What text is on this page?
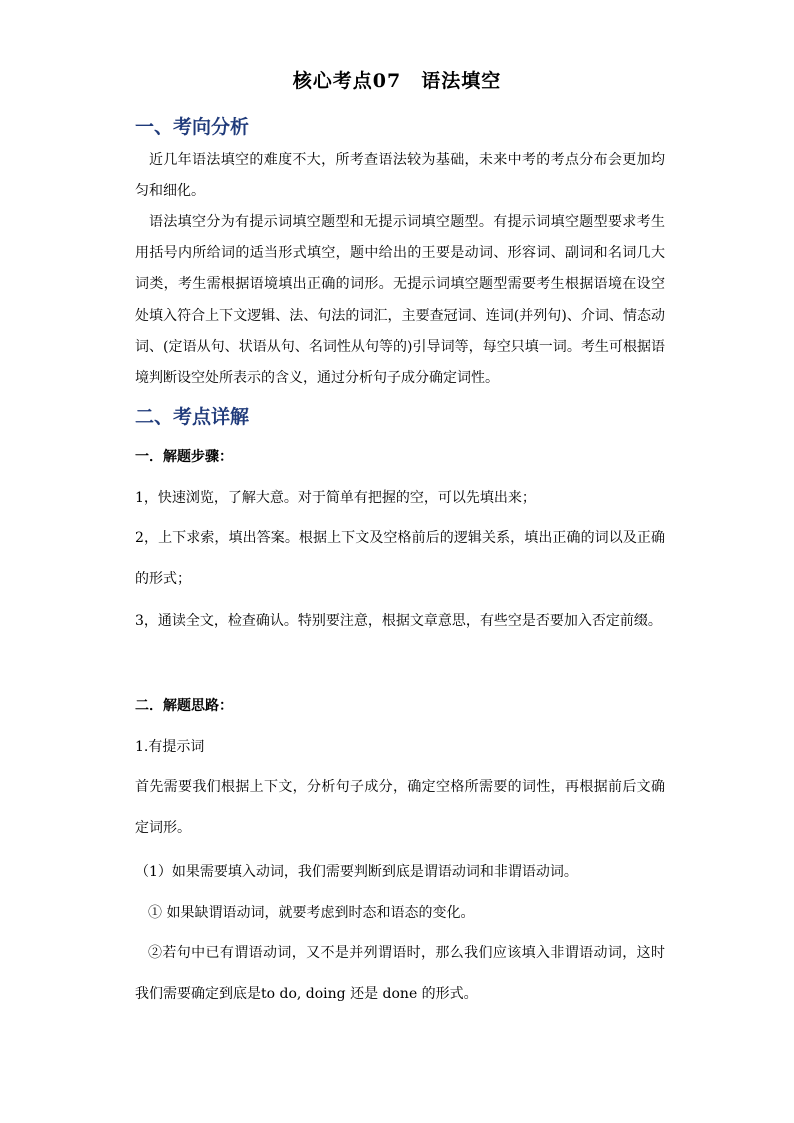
核心考点07　语法填空
一、考向分析

近几年语法填空的难度不大，所考查语法较为基础，未来中考的考点分布会更加均匀和细化。

语法填空分为有提示词填空题型和无提示词填空题型。有提示词填空题型要求考生用括号内所给词的适当形式填空，题中给出的王要是动词、形容词、副词和名词几大词类，考生需根据语境填出正确的词形。无提示词填空题型需要考生根据语境在设空处填入符合上下文逻辑、法、句法的词汇，主要查冠词、连词(并列句)、介词、情态动词、(定语从句、状语从句、名词性从句等的)引导词等，每空只填一词。考生可根据语境判断设空处所表示的含义，通过分析句子成分确定词性。

二、考点详解
一．解题步骤：
1，快速浏览，了解大意。对于简单有把握的空，可以先填出来；
2，上下求索，填出答案。根据上下文及空格前后的逻辑关系，填出正确的词以及正确的形式；
3，通读全文，检查确认。特别要注意，根据文章意思，有些空是否要加入否定前缀。
二．解题思路：
1.有提示词
首先需要我们根据上下文，分析句子成分，确定空格所需要的词性，再根据前后文确定词形。
（1）如果需要填入动词，我们需要判断到底是谓语动词和非谓语动词。
① 如果缺谓语动词，就要考虑到时态和语态的变化。
②若句中已有谓语动词，又不是并列谓语时，那么我们应该填入非谓语动词，这时我们需要确定到底是to do, doing 还是 done 的形式。
